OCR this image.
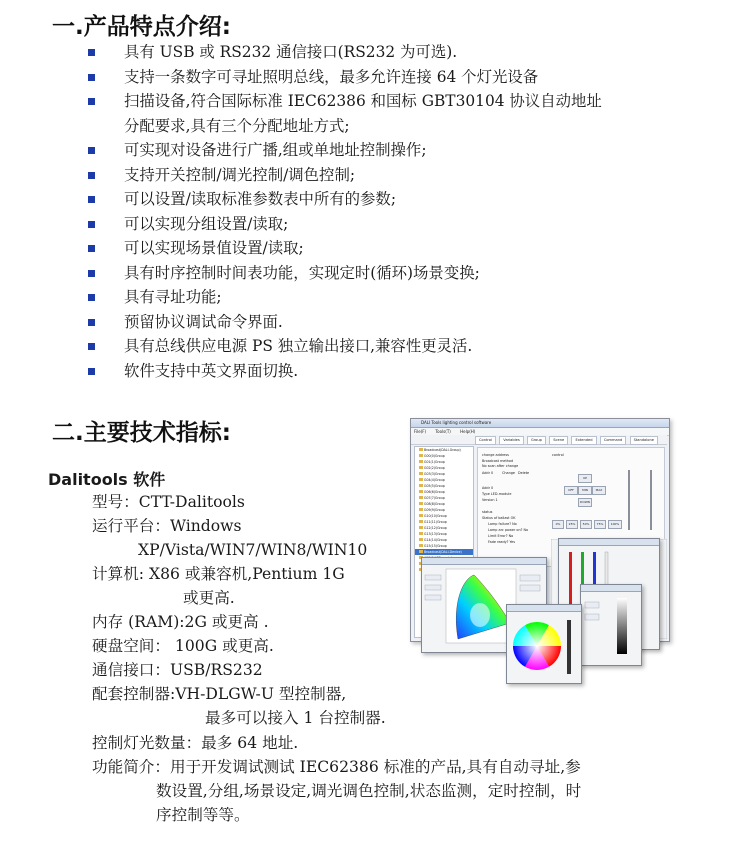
一.产品特点介绍:
具有 USB 或 RS232 通信接口(RS232 为可选).
支持一条数字可寻址照明总线，最多允许连接 64 个灯光设备
扫描设备,符合国际标准 IEC62386 和国标 GBT30104 协议自动地址
分配要求,具有三个分配地址方式;
可实现对设备进行广播,组或单地址控制操作;
支持开关控制/调光控制/调色控制;
可以设置/读取标准参数表中所有的参数;
可以实现分组设置/读取;
可以实现场景值设置/读取;
具有时序控制时间表功能，实现定时(循环)场景变换;
具有寻址功能;
预留协议调试命令界面.
具有总线供应电源 PS 独立输出接口,兼容性更灵活.
软件支持中英文界面切换.
二.主要技术指标:
Dalitools 软件
型号：CTT-Dalitools
运行平台：Windows
XP/Vista/WIN7/WIN8/WIN10
计算机: X86 或兼容机,Pentium 1G
或更高.
内存 (RAM):2G 或更高 .
硬盘空间： 100G 或更高.
通信接口：USB/RS232
配套控制器:VH-DLGW-U 型控制器,
最多可以接入 1 台控制器.
控制灯光数量：最多 64 地址.
功能简介：用于开发调试测试 IEC62386 标准的产品,具有自动寻址,参
数设置,分组,场景设定,调光调色控制,状态监测，定时控制，时
序控制等等。
DALI Tools lighting control software
File(F) Tools(T) Help(H)
Control	Variables	Group	Scene	Extended	Command	Standalone
Broadcast(DALI-Group)
G00(0)Group
G01(1)Group
G02(2)Group
G03(3)Group
G04(4)Group
G05(5)Group
G06(6)Group
G07(7)Group
G08(8)Group
G09(9)Group
G10(10)Group
G11(11)Group
G12(12)Group
G13(13)Group
G14(14)Group
G15(15)Group
Broadcast(DALI-Device)
change address
Broadcast method
No scan after change
Addr 0	Change Delete
Addr 0
Type LED-module
Version 1
status
Status of ballast OK
Lamp failure? No
Lamp arc power on? No
Limit Error? No
Fade ready? Yes
control
UP
OFF	MAX
MIN
DOWN
0%	25%	50%	75%	100%
